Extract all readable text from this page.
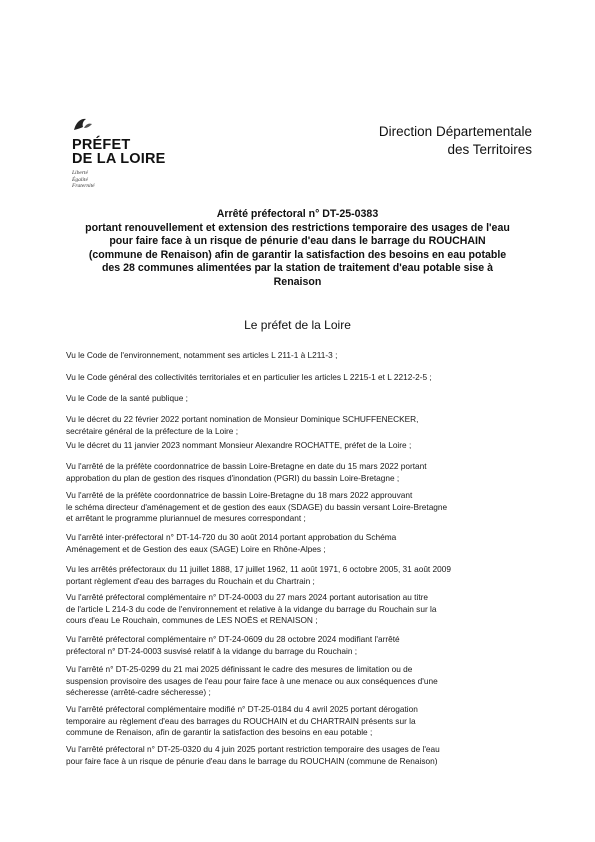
PRÉFET
DE LA LOIRE
Liberté
Égalité
Fraternité
Direction Départementale
des Territoires
Arrêté préfectoral n° DT-25-0383
portant renouvellement et extension des restrictions temporaire des usages de l'eau
pour faire face à un risque de pénurie d'eau dans le barrage du ROUCHAIN
(commune de Renaison) afin de garantir la satisfaction des besoins en eau potable
des 28 communes alimentées par la station de traitement d'eau potable sise à
Renaison
Le préfet de la Loire
Vu le Code de l'environnement, notamment ses articles L 211-1 à L211-3 ;
Vu le Code général des collectivités territoriales et en particulier les articles L 2215-1 et L 2212-2-5 ;
Vu le Code de la santé publique ;
Vu le décret du 22 février 2022 portant nomination de Monsieur Dominique SCHUFFENECKER,
secrétaire général de la préfecture de la Loire ;
Vu le décret du 11 janvier 2023 nommant Monsieur Alexandre ROCHATTE, préfet de la Loire ;
Vu l'arrêté de la préfète coordonnatrice de bassin Loire-Bretagne en date du 15 mars 2022 portant
approbation du plan de gestion des risques d'inondation (PGRI) du bassin Loire-Bretagne ;
Vu l'arrêté de la préfète coordonnatrice de bassin Loire-Bretagne du 18 mars 2022 approuvant
le schéma directeur d'aménagement et de gestion des eaux (SDAGE) du bassin versant Loire-Bretagne
et arrêtant le programme pluriannuel de mesures correspondant ;
Vu l'arrêté inter-préfectoral n° DT-14-720 du 30 août 2014 portant approbation du Schéma
Aménagement et de Gestion des eaux (SAGE) Loire en Rhône-Alpes ;
Vu les arrêtés préfectoraux du 11 juillet 1888, 17 juillet 1962, 11 août 1971, 6 octobre 2005, 31 août 2009
portant règlement d'eau des barrages du Rouchain et du Chartrain ;
Vu l'arrêté préfectoral complémentaire n° DT-24-0003 du 27 mars 2024 portant autorisation au titre
de l'article L 214-3 du code de l'environnement et relative à la vidange du barrage du Rouchain sur la
cours d'eau Le Rouchain, communes de LES NOËS et RENAISON ;
Vu l'arrêté préfectoral complémentaire n° DT-24-0609 du 28 octobre 2024 modifiant l'arrêté
préfectoral n° DT-24-0003 susvisé relatif à la vidange du barrage du Rouchain ;
Vu l'arrêté n° DT-25-0299 du 21 mai 2025 définissant le cadre des mesures de limitation ou de
suspension provisoire des usages de l'eau pour faire face à une menace ou aux conséquences d'une
sécheresse (arrêté-cadre sécheresse) ;
Vu l'arrêté préfectoral complémentaire modifié n° DT-25-0184 du 4 avril 2025 portant dérogation
temporaire au règlement d'eau des barrages du ROUCHAIN et du CHARTRAIN présents sur la
commune de Renaison, afin de garantir la satisfaction des besoins en eau potable ;
Vu l'arrêté préfectoral n° DT-25-0320 du 4 juin 2025 portant restriction temporaire des usages de l'eau
pour faire face à un risque de pénurie d'eau dans le barrage du ROUCHAIN (commune de Renaison)
